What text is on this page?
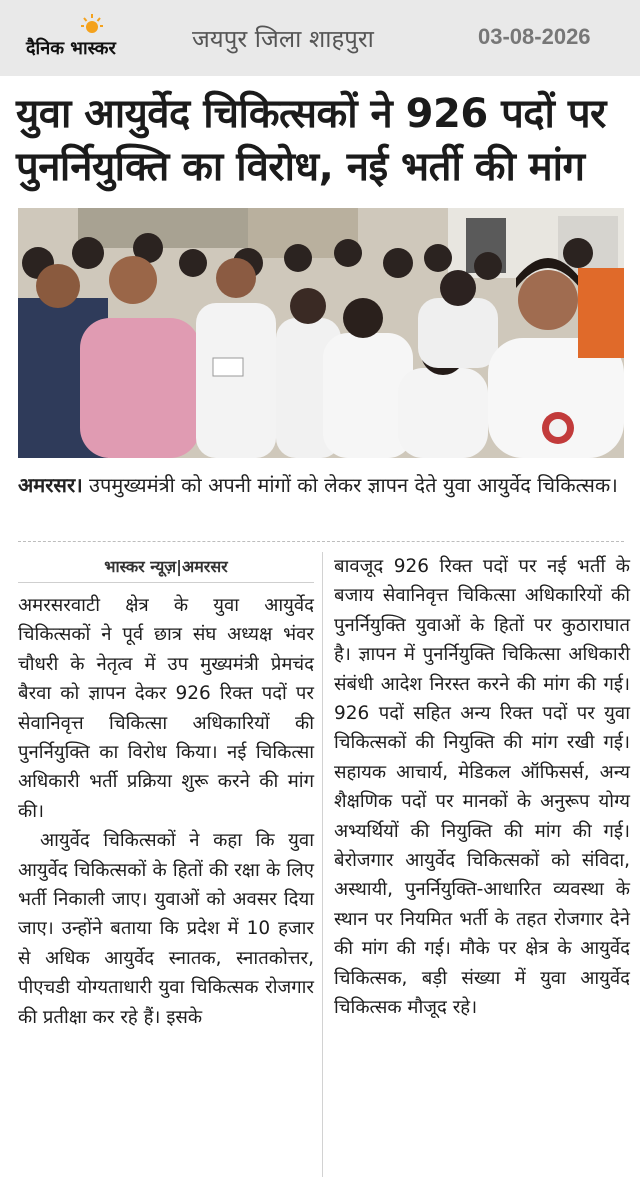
दैनिक भास्कर	जयपुर जिला शाहपुरा	03-08-2026
युवा आयुर्वेद चिकित्सकों ने 926 पदों पर पुनर्नियुक्ति का विरोध, नई भर्ती की मांग
अमरसर। उपमुख्यमंत्री को अपनी मांगों को लेकर ज्ञापन देते युवा आयुर्वेद चिकित्सक।
भास्कर न्यूज़|अमरसर

अमरसरवाटी क्षेत्र के युवा आयुर्वेद चिकित्सकों ने पूर्व छात्र संघ अध्यक्ष भंवर चौधरी के नेतृत्व में उप मुख्यमंत्री प्रेमचंद बैरवा को ज्ञापन देकर 926 रिक्त पदों पर सेवानिवृत्त चिकित्सा अधिकारियों की पुनर्नियुक्ति का विरोध किया। नई चिकित्सा अधिकारी भर्ती प्रक्रिया शुरू करने की मांग की।

आयुर्वेद चिकित्सकों ने कहा कि युवा आयुर्वेद चिकित्सकों के हितों की रक्षा के लिए भर्ती निकाली जाए। युवाओं को अवसर दिया जाए। उन्होंने बताया कि प्रदेश में 10 हजार से अधिक आयुर्वेद स्नातक, स्नातकोत्तर, पीएचडी योग्यताधारी युवा चिकित्सक रोजगार की प्रतीक्षा कर रहे हैं। इसके

बावजूद 926 रिक्त पदों पर नई भर्ती के बजाय सेवानिवृत्त चिकित्सा अधिकारियों की पुनर्नियुक्ति युवाओं के हितों पर कुठाराघात है। ज्ञापन में पुनर्नियुक्ति चिकित्सा अधिकारी संबंधी आदेश निरस्त करने की मांग की गई। 926 पदों सहित अन्य रिक्त पदों पर युवा चिकित्सकों की नियुक्ति की मांग रखी गई। सहायक आचार्य, मेडिकल ऑफिसर्स, अन्य शैक्षणिक पदों पर मानकों के अनुरूप योग्य अभ्यर्थियों की नियुक्ति की मांग की गई। बेरोजगार आयुर्वेद चिकित्सकों को संविदा, अस्थायी, पुनर्नियुक्ति-आधारित व्यवस्था के स्थान पर नियमित भर्ती के तहत रोजगार देने की मांग की गई। मौके पर क्षेत्र के आयुर्वेद चिकित्सक, बड़ी संख्या में युवा आयुर्वेद चिकित्सक मौजूद रहे।
